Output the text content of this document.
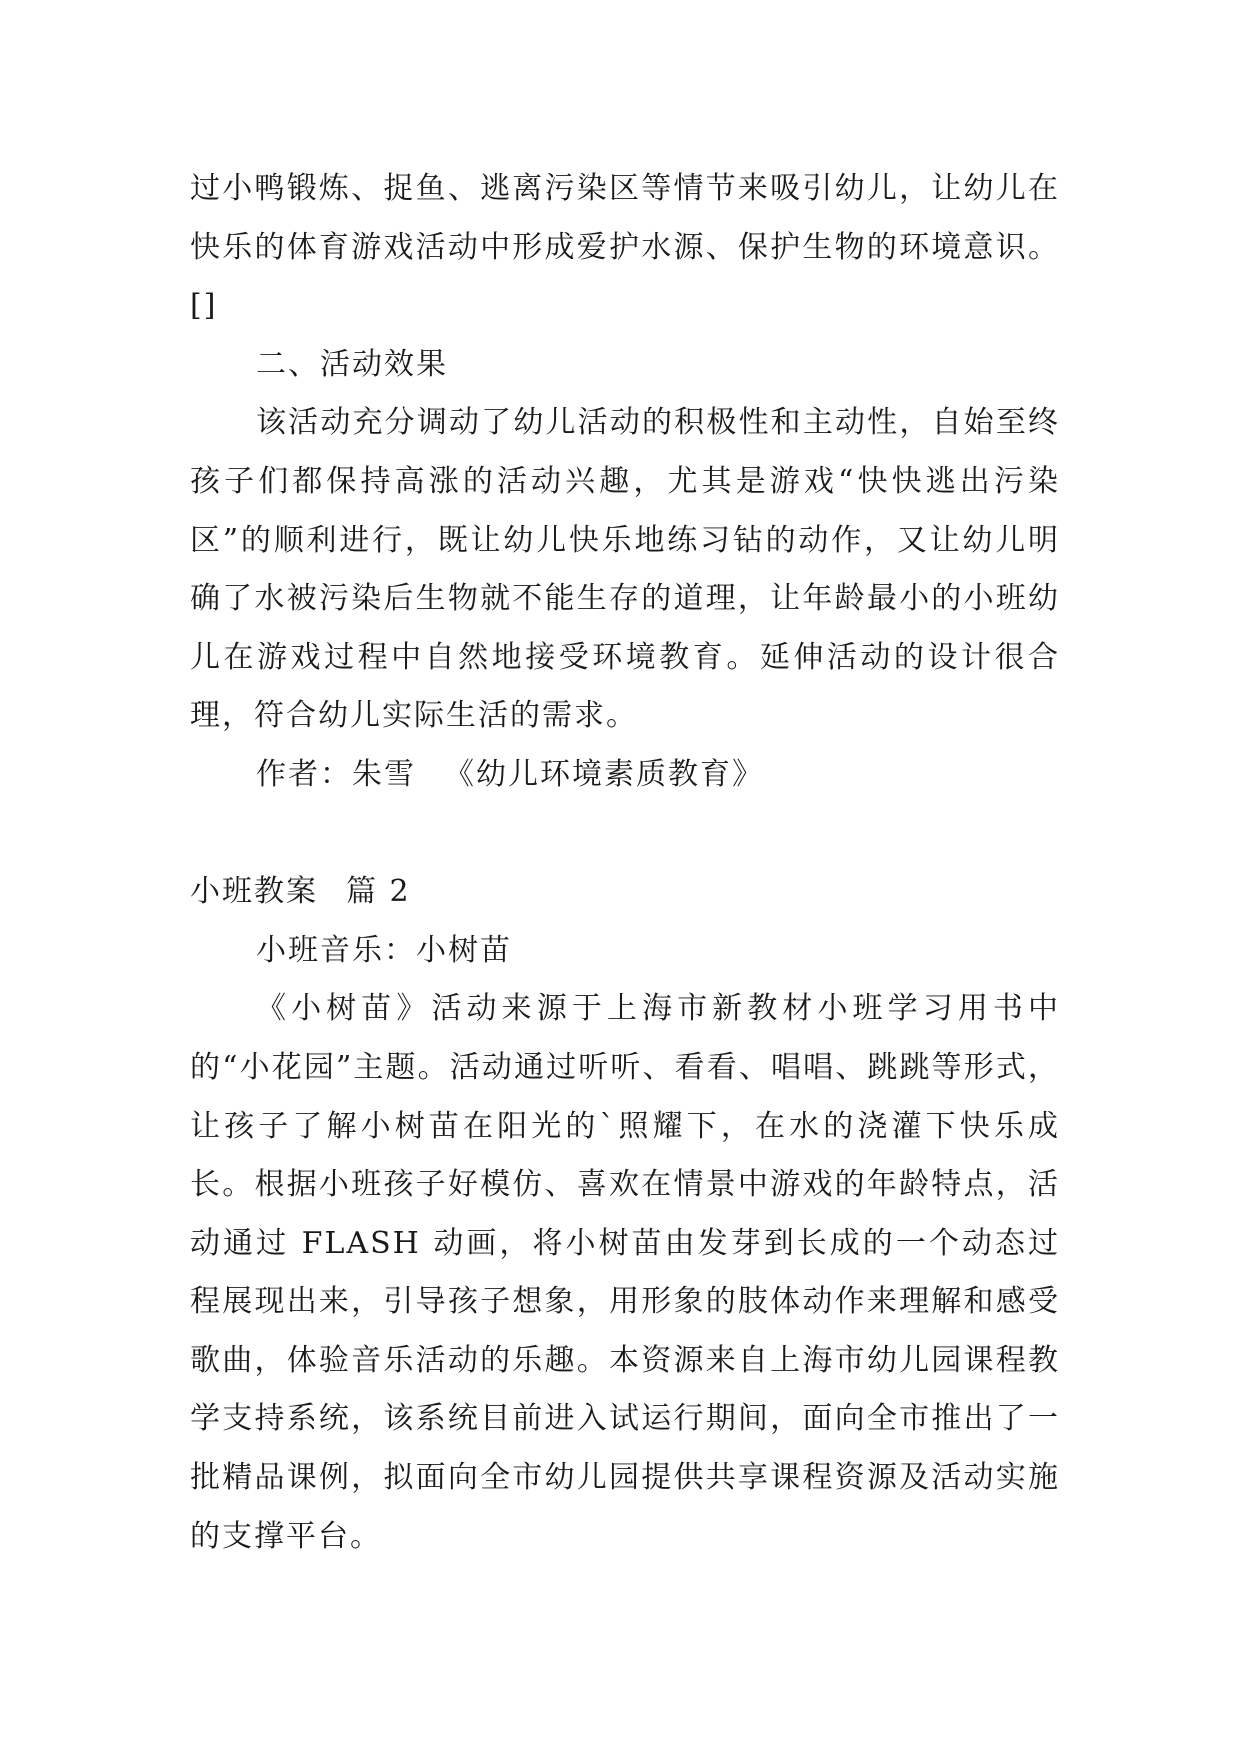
过小鸭锻炼、捉鱼、逃离污染区等情节来吸引幼儿，让幼儿在快乐的体育游戏活动中形成爱护水源、保护生物的环境意识。[]

二、活动效果

该活动充分调动了幼儿活动的积极性和主动性，自始至终孩子们都保持高涨的活动兴趣，尤其是游戏“快快逃出污染区”的顺利进行，既让幼儿快乐地练习钻的动作，又让幼儿明确了水被污染后生物就不能生存的道理，让年龄最小的小班幼儿在游戏过程中自然地接受环境教育。延伸活动的设计很合理，符合幼儿实际生活的需求。

作者：朱雪 《幼儿环境素质教育》

小班教案 篇 2

小班音乐：小树苗

《小树苗》活动来源于上海市新教材小班学习用书中的“小花园”主题。活动通过听听、看看、唱唱、跳跳等形式，让孩子了解小树苗在阳光的`照耀下，在水的浇灌下快乐成长。根据小班孩子好模仿、喜欢在情景中游戏的年龄特点，活动通过 FLASH 动画，将小树苗由发芽到长成的一个动态过程展现出来，引导孩子想象，用形象的肢体动作来理解和感受歌曲，体验音乐活动的乐趣。本资源来自上海市幼儿园课程教学支持系统，该系统目前进入试运行期间，面向全市推出了一批精品课例，拟面向全市幼儿园提供共享课程资源及活动实施的支撑平台。
